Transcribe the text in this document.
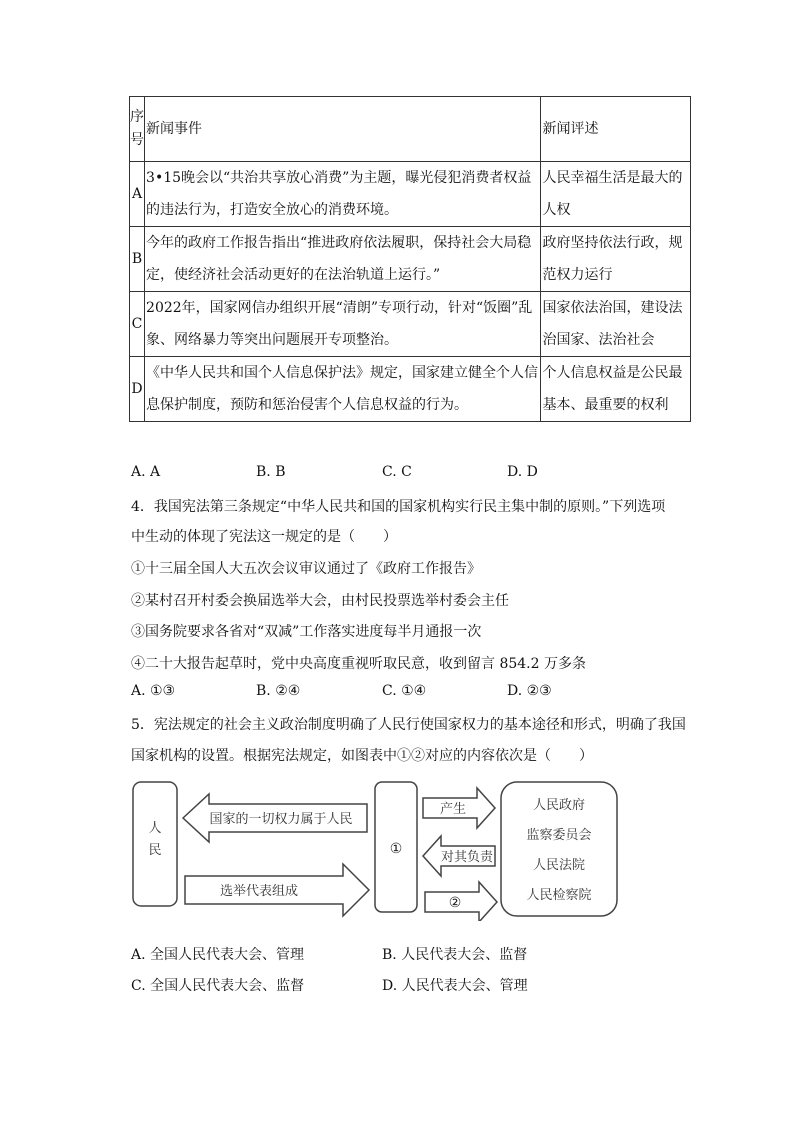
序号	新闻事件	新闻评述
A	3•15晚会以“共治共享放心消费”为主题，曝光侵犯消费者权益的违法行为，打造安全放心的消费环境。	人民幸福生活是最大的人权
B	今年的政府工作报告指出“推进政府依法履职，保持社会大局稳定，使经济社会活动更好的在法治轨道上运行。”	政府坚持依法行政，规范权力运行
C	2022年，国家网信办组织开展“清朗”专项行动，针对“饭圈”乱象、网络暴力等突出问题展开专项整治。	国家依法治国，建设法治国家、法治社会
D	《中华人民共和国个人信息保护法》规定，国家建立健全个人信息保护制度，预防和惩治侵害个人信息权益的行为。	个人信息权益是公民最基本、最重要的权利
A. A	B. B	C. C	D. D
4．我国宪法第三条规定“中华人民共和国的国家机构实行民主集中制的原则。”下列选项
中生动的体现了宪法这一规定的是（　　）
①十三届全国人大五次会议审议通过了《政府工作报告》
②某村召开村委会换届选举大会，由村民投票选举村委会主任
③国务院要求各省对“双减”工作落实进度每半月通报一次
④二十大报告起草时，党中央高度重视听取民意，收到留言 854.2 万多条
A. ①③	B. ②④	C. ①④	D. ②③
5．宪法规定的社会主义政治制度明确了人民行使国家权力的基本途径和形式，明确了我国
国家机构的设置。根据宪法规定，如图表中①②对应的内容依次是（　　）
人
民
国家的一切权力属于人民
选举代表组成
①
产生
对其负责
②
人民政府
监察委员会
人民法院
人民检察院
A. 全国人民代表大会、管理	B. 人民代表大会、监督
C. 全国人民代表大会、监督	D. 人民代表大会、管理
